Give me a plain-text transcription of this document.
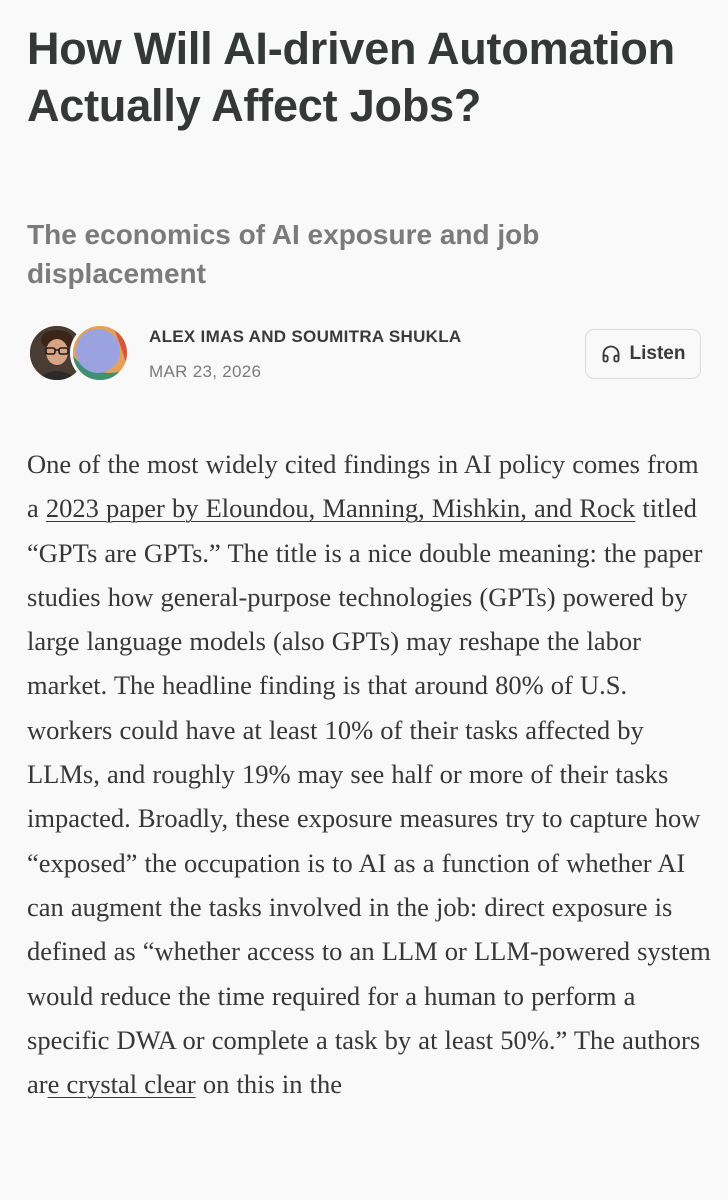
How Will AI-driven Automation Actually Affect Jobs?
The economics of AI exposure and job displacement
ALEX IMAS AND SOUMITRA SHUKLA
MAR 23, 2026
Listen

One of the most widely cited findings in AI policy comes from a 2023 paper by Eloundou, Manning, Mishkin, and Rock titled “GPTs are GPTs.” The title is a nice double meaning: the paper studies how general-purpose technologies (GPTs) powered by large language models (also GPTs) may reshape the labor market. The headline finding is that around 80% of U.S. workers could have at least 10% of their tasks affected by LLMs, and roughly 19% may see half or more of their tasks impacted. Broadly, these exposure measures try to capture how “exposed” the occupation is to AI as a function of whether AI can augment the tasks involved in the job: direct exposure is defined as “whether access to an LLM or LLM-powered system would reduce the time required for a human to perform a specific DWA or complete a task by at least 50%.” The authors are crystal clear on this in the
